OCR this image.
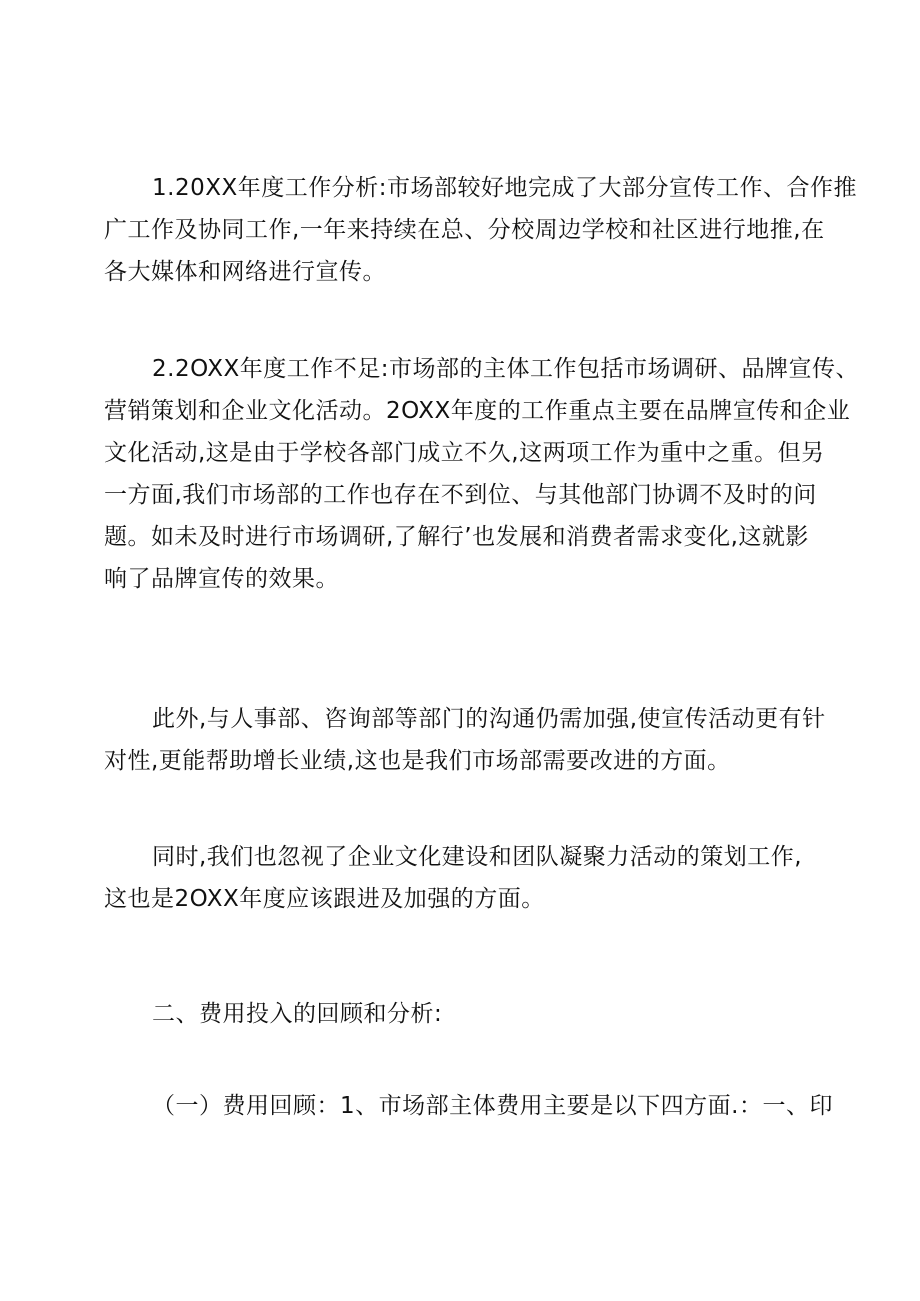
1.20XX年度工作分析:市场部较好地完成了大部分宣传工作、合作推
广工作及协同工作,一年来持续在总、分校周边学校和社区进行地推,在
各大媒体和网络进行宣传。

2.2OXX年度工作不足:市场部的主体工作包括市场调研、品牌宣传、
营销策划和企业文化活动。2OXX年度的工作重点主要在品牌宣传和企业
文化活动,这是由于学校各部门成立不久,这两项工作为重中之重。但另
一方面,我们市场部的工作也存在不到位、与其他部门协调不及时的问
题。如未及时进行市场调研,了解行’也发展和消费者需求变化,这就影
响了品牌宣传的效果。

此外,与人事部、咨询部等部门的沟通仍需加强,使宣传活动更有针
对性,更能帮助增长业绩,这也是我们市场部需要改进的方面。

同时,我们也忽视了企业文化建设和团队凝聚力活动的策划工作,
这也是2OXX年度应该跟进及加强的方面。

二、费用投入的回顾和分析:

（一）费用回顾：1、市场部主体费用主要是以下四方面.：一、印
